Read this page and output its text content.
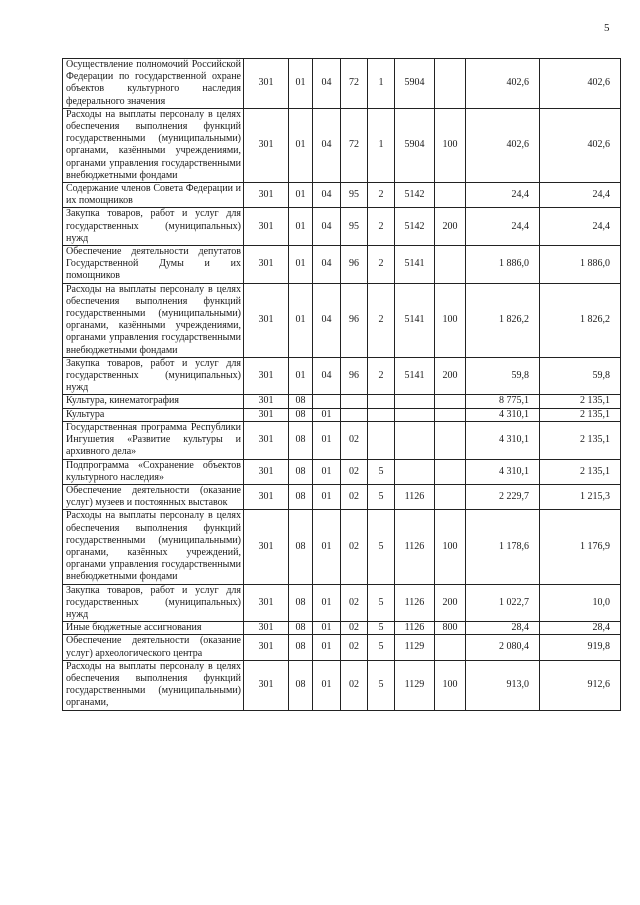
5
Осуществление полномочий Российской Федерации по государственной охране объектов культурного наследия федерального значения	301	01	04	72	1	5904		402,6	402,6
Расходы на выплаты персоналу в целях обеспечения выполнения функций государственными (муниципальными) органами, казёнными учреждениями, органами управления государственными внебюджетными фондами	301	01	04	72	1	5904	100	402,6	402,6
Содержание членов Совета Федерации и их помощников	301	01	04	95	2	5142		24,4	24,4
Закупка товаров, работ и услуг для государственных (муниципальных) нужд	301	01	04	95	2	5142	200	24,4	24,4
Обеспечение деятельности депутатов Государственной Думы и их помощников	301	01	04	96	2	5141		1 886,0	1 886,0
Расходы на выплаты персоналу в целях обеспечения выполнения функций государственными (муниципальными) органами, казёнными учреждениями, органами управления государственными внебюджетными фондами	301	01	04	96	2	5141	100	1 826,2	1 826,2
Закупка товаров, работ и услуг для государственных (муниципальных) нужд	301	01	04	96	2	5141	200	59,8	59,8
Культура, кинематография	301	08						8 775,1	2 135,1
Культура	301	08	01					4 310,1	2 135,1
Государственная программа Республики Ингушетия «Развитие культуры и архивного дела»	301	08	01	02				4 310,1	2 135,1
Подпрограмма «Сохранение объектов культурного наследия»	301	08	01	02	5			4 310,1	2 135,1
Обеспечение деятельности (оказание услуг) музеев и постоянных выставок	301	08	01	02	5	1126		2 229,7	1 215,3
Расходы на выплаты персоналу в целях обеспечения выполнения функций государственными (муниципальными) органами, казённых учреждений, органами управления государственными внебюджетными фондами	301	08	01	02	5	1126	100	1 178,6	1 176,9
Закупка товаров, работ и услуг для государственных (муниципальных) нужд	301	08	01	02	5	1126	200	1 022,7	10,0
Иные бюджетные ассигнования	301	08	01	02	5	1126	800	28,4	28,4
Обеспечение деятельности (оказание услуг) археологического центра	301	08	01	02	5	1129		2 080,4	919,8
Расходы на выплаты персоналу в целях обеспечения выполнения функций государственными (муниципальными) органами,	301	08	01	02	5	1129	100	913,0	912,6
